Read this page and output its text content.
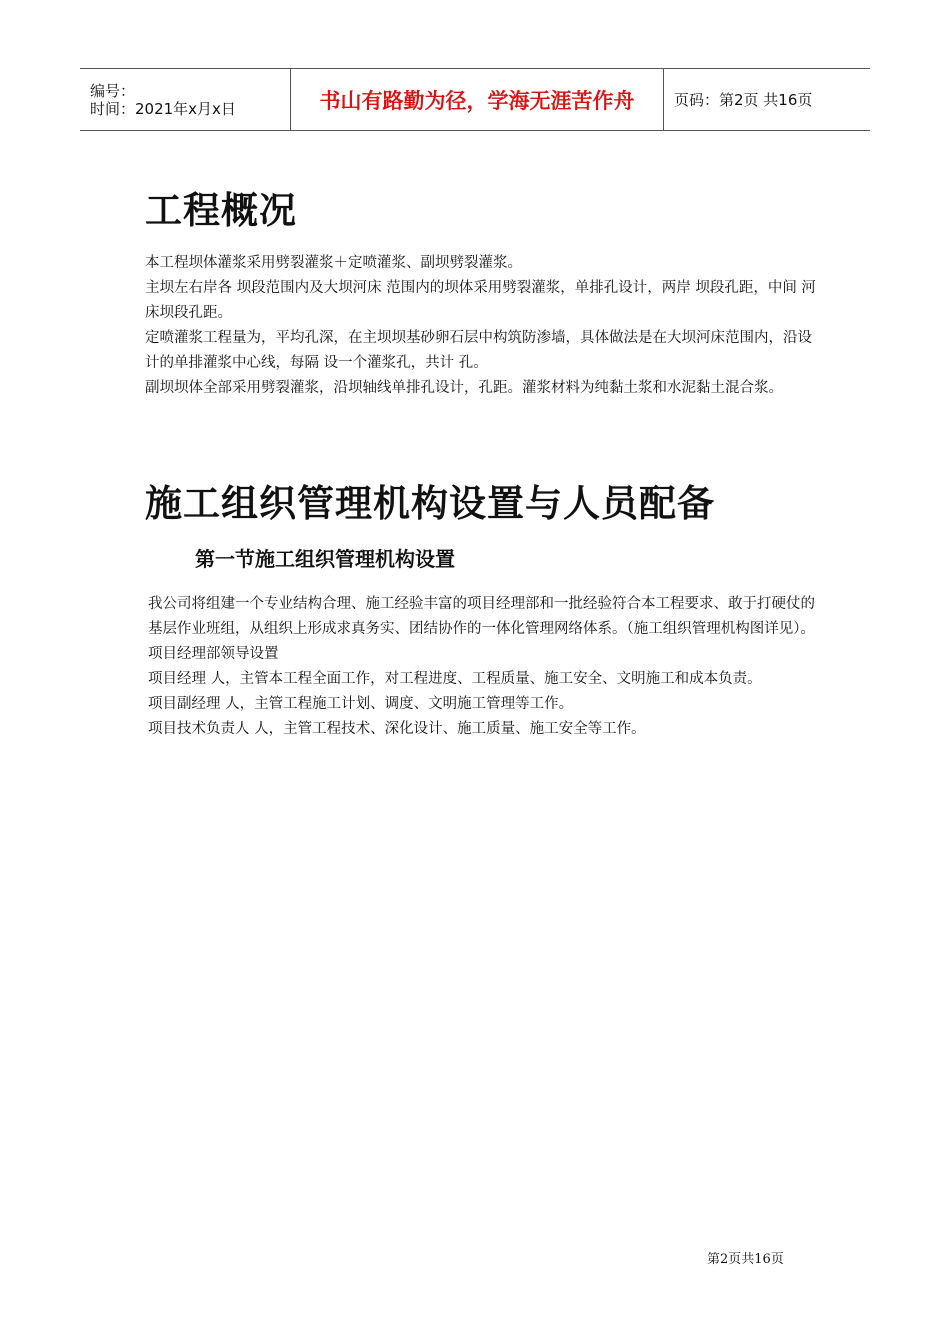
编号：
时间：2021年x月x日	书山有路勤为径，学海无涯苦作舟	页码：第2页 共16页
工程概况

本工程坝体灌浆采用劈裂灌浆＋定喷灌浆、副坝劈裂灌浆。

主坝左右岸各 坝段范围内及大坝河床 范围内的坝体采用劈裂灌浆，单排孔设计，两岸 坝段孔距，中间 河床坝段孔距。

定喷灌浆工程量为，平均孔深，在主坝坝基砂卵石层中构筑防渗墙，具体做法是在大坝河床范围内，沿设计的单排灌浆中心线，每隔 设一个灌浆孔，共计 孔。

副坝坝体全部采用劈裂灌浆，沿坝轴线单排孔设计，孔距。灌浆材料为纯黏土浆和水泥黏土混合浆。

施工组织管理机构设置与人员配备
第一节施工组织管理机构设置

我公司将组建一个专业结构合理、施工经验丰富的项目经理部和一批经验符合本工程要求、敢于打硬仗的基层作业班组，从组织上形成求真务实、团结协作的一体化管理网络体系。（施工组织管理机构图详见）。

项目经理部领导设置

项目经理 人，主管本工程全面工作，对工程进度、工程质量、施工安全、文明施工和成本负责。

项目副经理 人，主管工程施工计划、调度、文明施工管理等工作。

项目技术负责人 人，主管工程技术、深化设计、施工质量、施工安全等工作。

第2页共16页
